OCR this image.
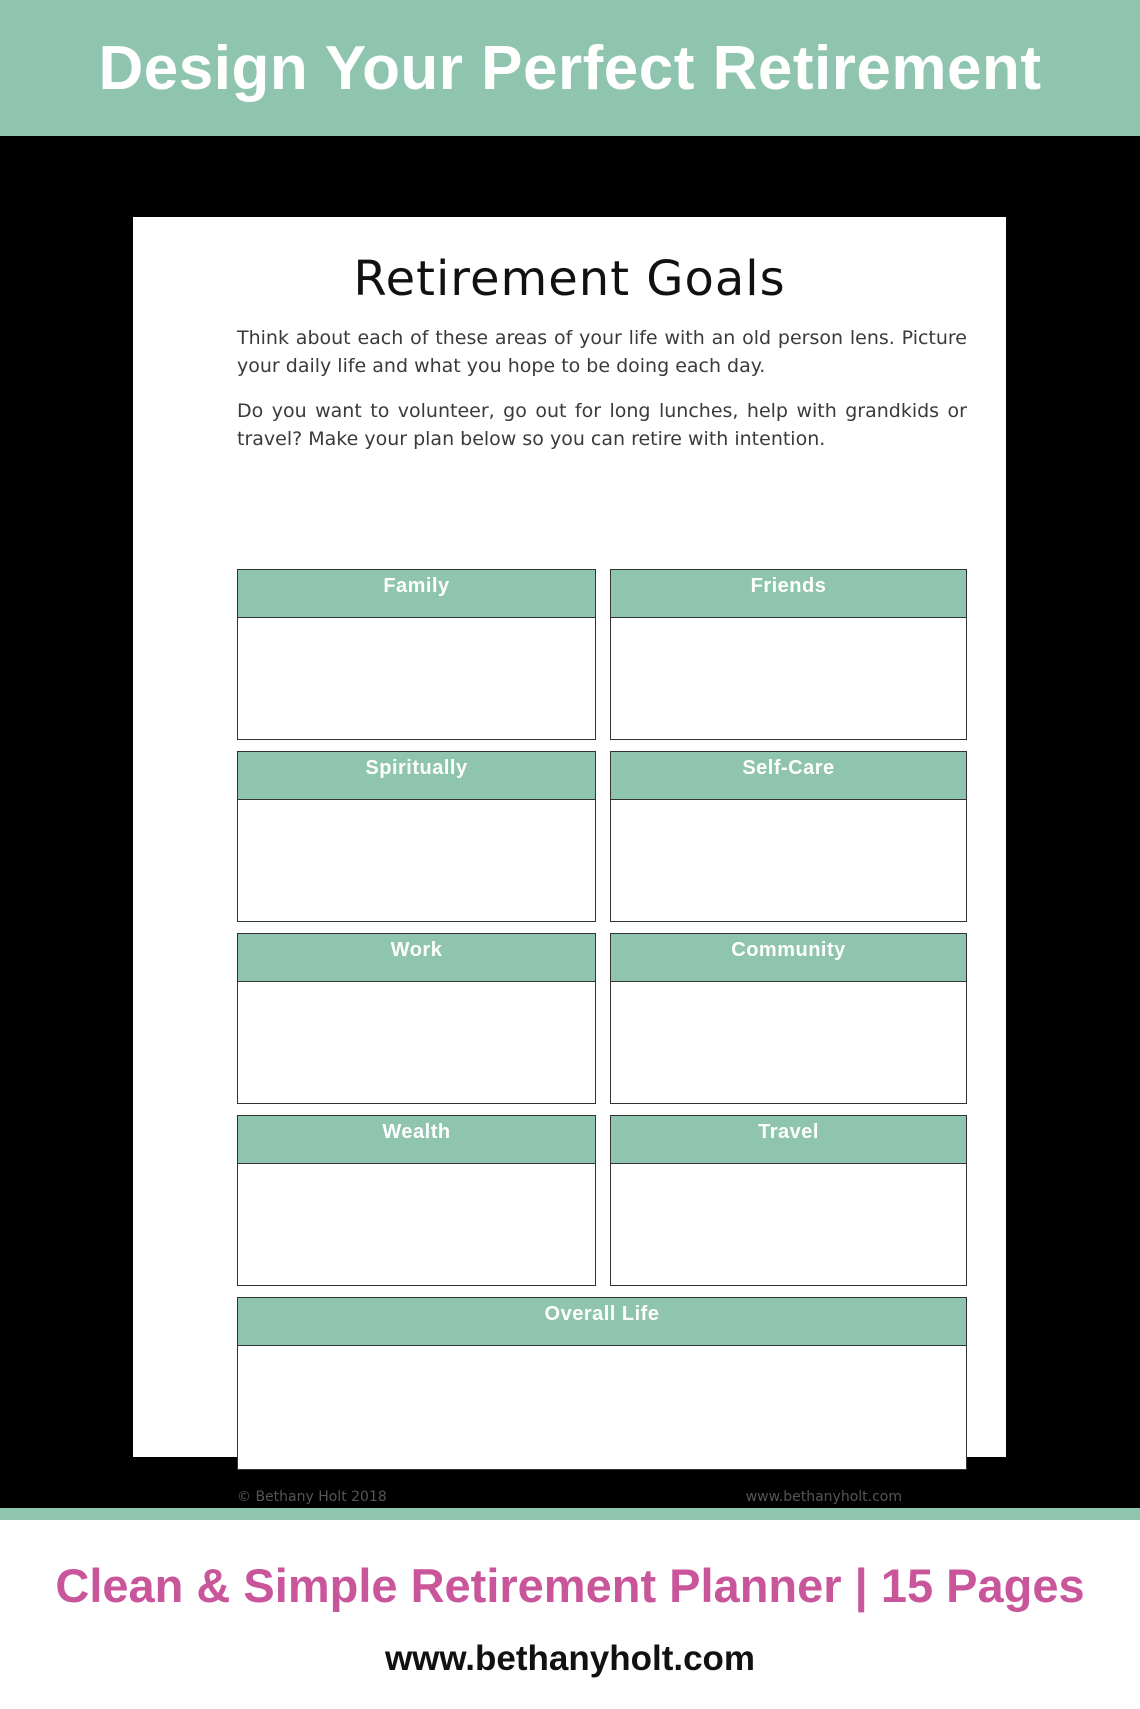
Design Your Perfect Retirement
Retirement Goals

Think about each of these areas of your life with an old person lens. Picture your daily life and what you hope to be doing each day.

Do you want to volunteer, go out for long lunches, help with grandkids or travel? Make your plan below so you can retire with intention.

Family	Friends
Spiritually	Self-Care
Work	Community
Wealth	Travel
Overall Life
© Bethany Holt 2018	www.bethanyholt.com
Clean & Simple Retirement Planner | 15 Pages
www.bethanyholt.com
